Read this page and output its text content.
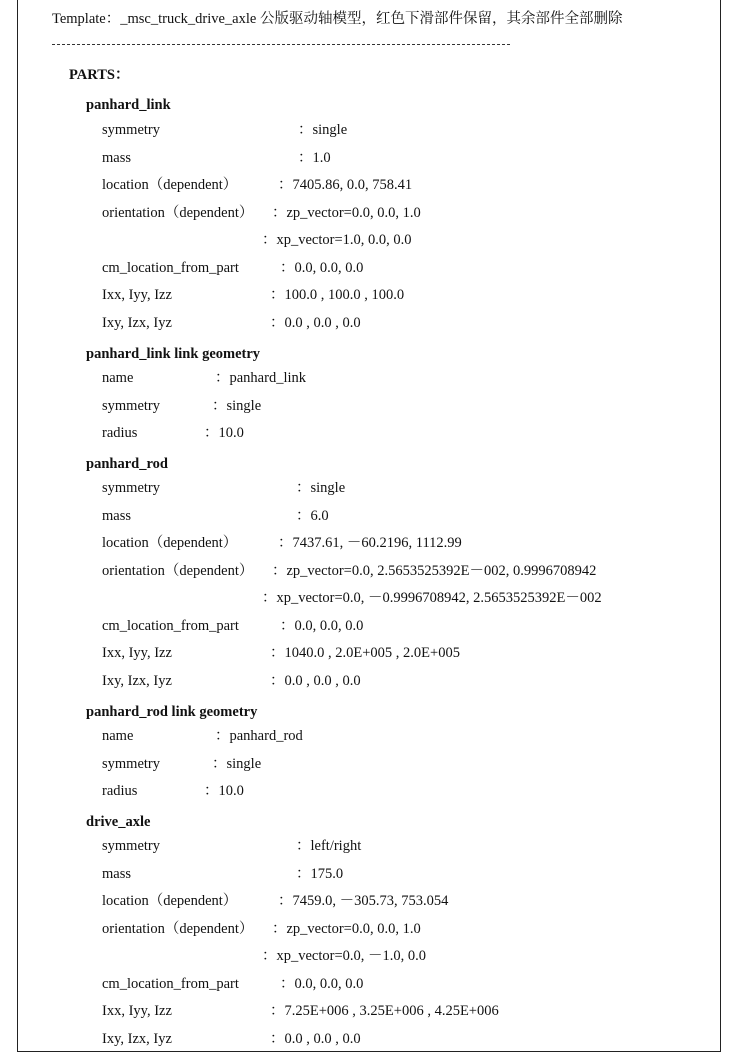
Template：_msc_truck_drive_axle 公版驱动轴模型，红色下滑部件保留，其余部件全部删除
PARTS：
panhard_link
symmetry	：single
mass	：1.0
location（dependent）	：7405.86, 0.0, 758.41
orientation（dependent） ：zp_vector=0.0, 0.0, 1.0
：xp_vector=1.0, 0.0, 0.0
cm_location_from_part	：0.0, 0.0, 0.0
Ixx, Iyy, Izz	：100.0 , 100.0 , 100.0
Ixy, Izx, Iyz	：0.0 , 0.0 , 0.0
panhard_link link geometry
name	：panhard_link
symmetry	：single
radius	：10.0
panhard_rod
symmetry	：single
mass	：6.0
location（dependent）	：7437.61, －60.2196, 1112.99
orientation（dependent） ：zp_vector=0.0, 2.5653525392E－002, 0.9996708942
：xp_vector=0.0, －0.9996708942, 2.5653525392E－002
cm_location_from_part	：0.0, 0.0, 0.0
Ixx, Iyy, Izz	：1040.0 , 2.0E+005 , 2.0E+005
Ixy, Izx, Iyz	：0.0 , 0.0 , 0.0
panhard_rod link geometry
name	：panhard_rod
symmetry	：single
radius	：10.0
drive_axle
symmetry	：left/right
mass	：175.0
location（dependent）	：7459.0, －305.73, 753.054
orientation（dependent） ：zp_vector=0.0, 0.0, 1.0
：xp_vector=0.0, －1.0, 0.0
cm_location_from_part	：0.0, 0.0, 0.0
Ixx, Iyy, Izz	：7.25E+006 , 3.25E+006 , 4.25E+006
Ixy, Izx, Iyz	：0.0 , 0.0 , 0.0
